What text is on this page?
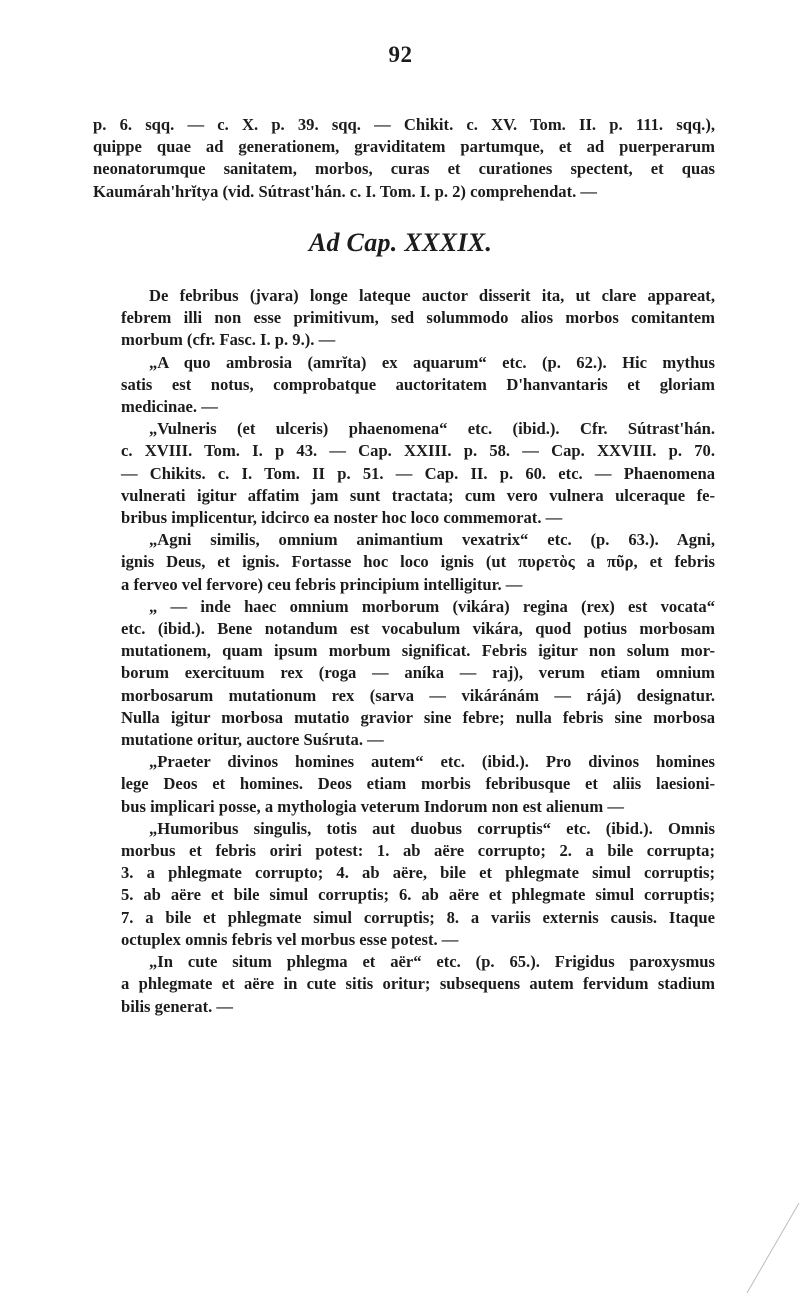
92

p. 6. sqq. — c. X. p. 39. sqq. — Chikit. c. XV. Tom. II. p. 111. sqq.),
quippe quae ad generationem, graviditatem partumque, et ad puerperarum
neonatorumque sanitatem, morbos, curas et curationes spectent, et quas
Kaumárah'hrĭtya (vid. Sútrast'hán. c. I. Tom. I. p. 2) comprehendat. —

Ad Cap. XXXIX.

De febribus (jvara) longe lateque auctor disserit ita, ut clare appareat,
febrem illi non esse primitivum, sed solummodo alios morbos comitantem
morbum (cfr. Fasc. I. p. 9.). —

„A quo ambrosia (amrĭta) ex aquarum“ etc. (p. 62.). Hic mythus
satis est notus, comprobatque auctoritatem D'hanvantaris et gloriam
medicinae. —

„Vulneris (et ulceris) phaenomena“ etc. (ibid.). Cfr. Sútrast'hán.
c. XVIII. Tom. I. p 43. — Cap. XXIII. p. 58. — Cap. XXVIII. p. 70.
— Chikits. c. I. Tom. II p. 51. — Cap. II. p. 60. etc. — Phaenomena
vulnerati igitur affatim jam sunt tractata; cum vero vulnera ulceraque fe-
bribus implicentur, idcirco ea noster hoc loco commemorat. —

„Agni similis, omnium animantium vexatrix“ etc. (p. 63.). Agni,
ignis Deus, et ignis. Fortasse hoc loco ignis (ut πυρετὸς a πῦρ, et febris
a ferveo vel fervore) ceu febris principium intelligitur. —

„ — inde haec omnium morborum (vikára) regina (rex) est vocata“
etc. (ibid.). Bene notandum est vocabulum vikára, quod potius morbosam
mutationem, quam ipsum morbum significat. Febris igitur non solum mor-
borum exercituum rex (roga — aníka — raj), verum etiam omnium
morbosarum mutationum rex (sarva — vikáránám — rájá) designatur.
Nulla igitur morbosa mutatio gravior sine febre; nulla febris sine morbosa
mutatione oritur, auctore Suśruta. —

„Praeter divinos homines autem“ etc. (ibid.). Pro divinos homines
lege Deos et homines. Deos etiam morbis febribusque et aliis laesioni-
bus implicari posse, a mythologia veterum Indorum non est alienum —

„Humoribus singulis, totis aut duobus corruptis“ etc. (ibid.). Omnis
morbus et febris oriri potest: 1. ab aëre corrupto; 2. a bile corrupta;
3. a phlegmate corrupto; 4. ab aëre, bile et phlegmate simul corruptis;
5. ab aëre et bile simul corruptis; 6. ab aëre et phlegmate simul corruptis;
7. a bile et phlegmate simul corruptis; 8. a variis externis causis. Itaque
octuplex omnis febris vel morbus esse potest. —

„In cute situm phlegma et aër“ etc. (p. 65.). Frigidus paroxysmus
a phlegmate et aëre in cute sitis oritur; subsequens autem fervidum stadium
bilis generat. —
